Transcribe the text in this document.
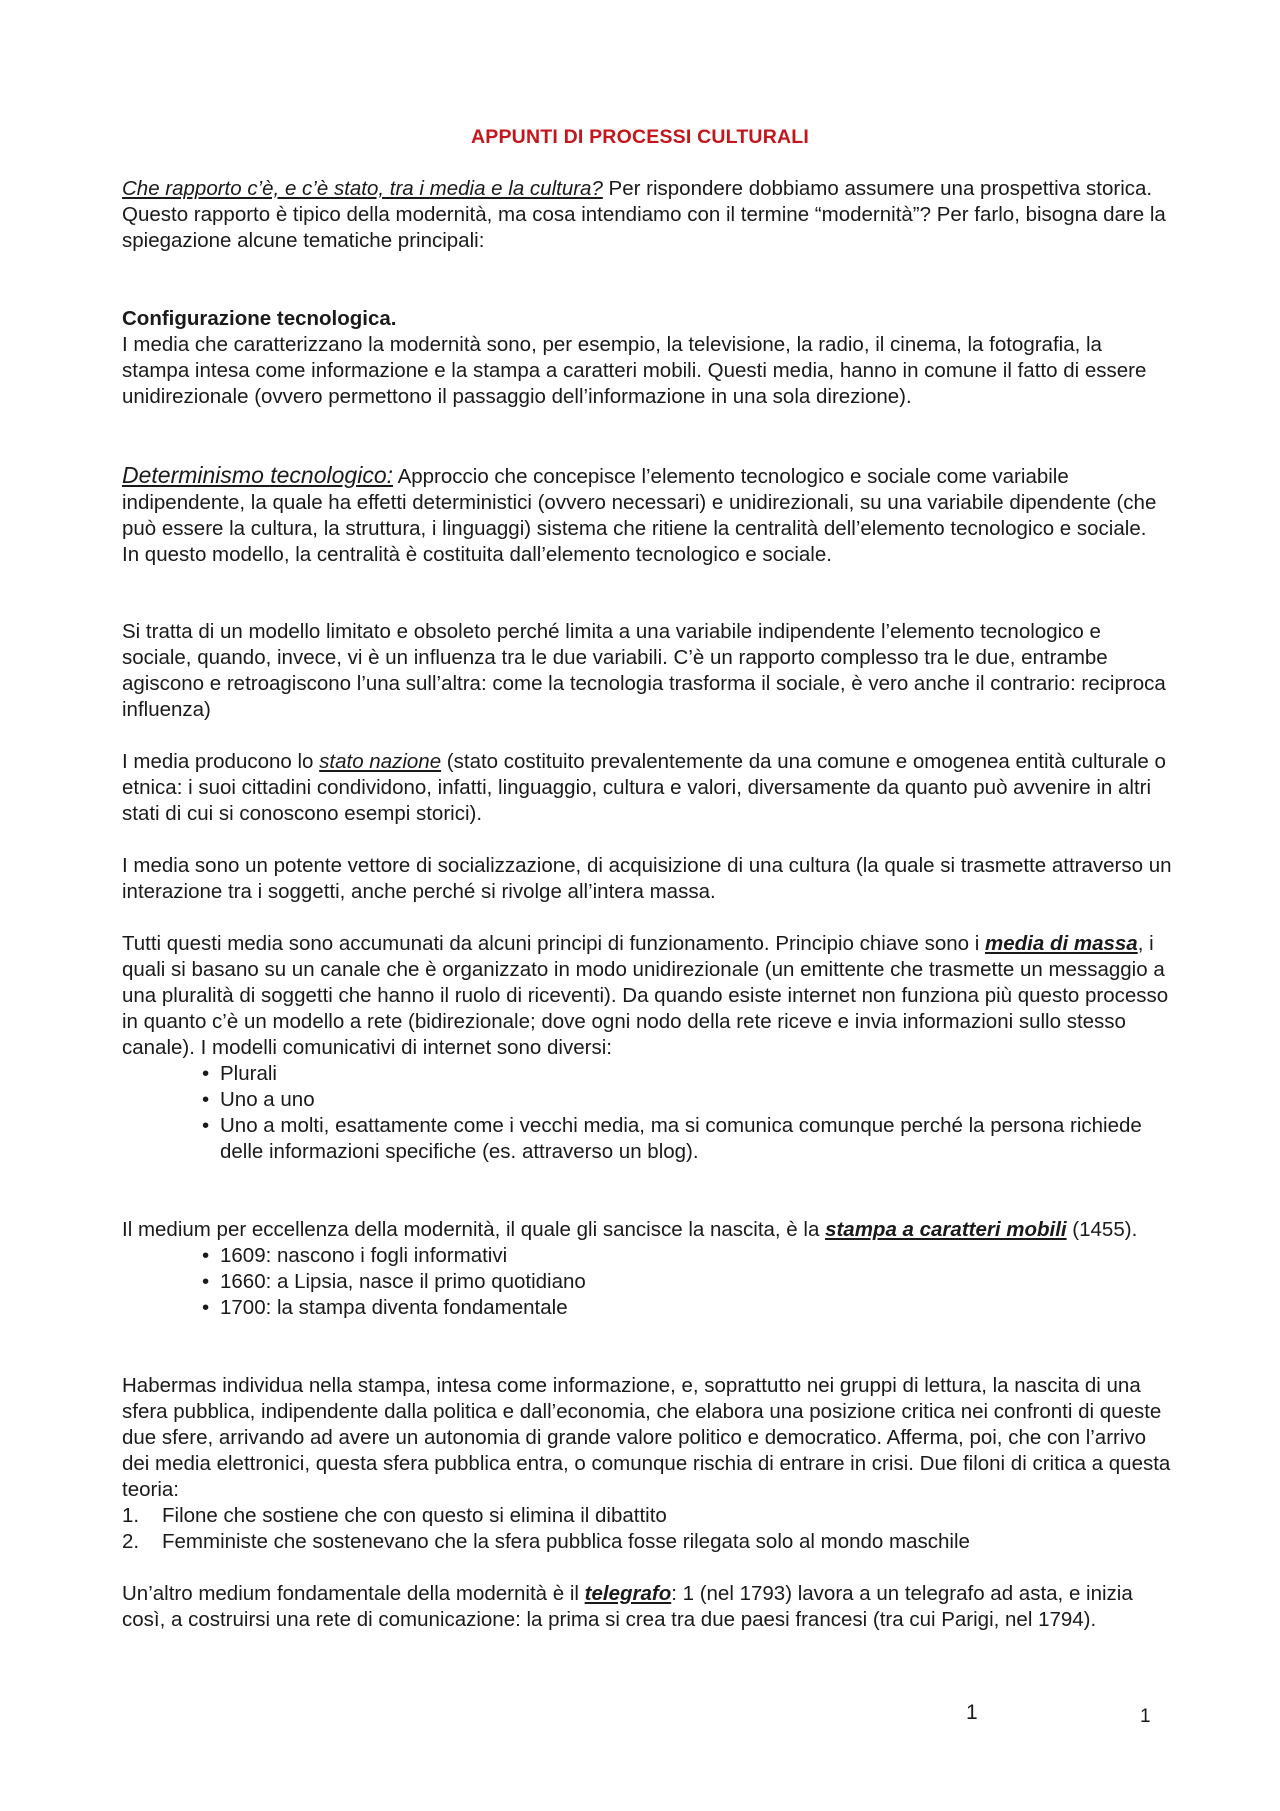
APPUNTI DI PROCESSI CULTURALI

Che rapporto c’è, e c’è stato, tra i media e la cultura? Per rispondere dobbiamo assumere una prospettiva storica.

Questo rapporto è tipico della modernità, ma cosa intendiamo con il termine “modernità”? Per farlo, bisogna dare la spiegazione alcune tematiche principali:

Configurazione tecnologica.

I media che caratterizzano la modernità sono, per esempio, la televisione, la radio, il cinema, la fotografia, la stampa intesa come informazione e la stampa a caratteri mobili. Questi media, hanno in comune il fatto di essere unidirezionale (ovvero permettono il passaggio dell’informazione in una sola direzione).

Determinismo tecnologico: Approccio che concepisce l’elemento tecnologico e sociale come variabile indipendente, la quale ha effetti deterministici (ovvero necessari) e unidirezionali, su una variabile dipendente (che può essere la cultura, la struttura, i linguaggi) sistema che ritiene la centralità dell’elemento tecnologico e sociale.

In questo modello, la centralità è costituita dall’elemento tecnologico e sociale.

Si tratta di un modello limitato e obsoleto perché limita a una variabile indipendente l’elemento tecnologico e sociale, quando, invece, vi è un influenza tra le due variabili. C’è un rapporto complesso tra le due, entrambe agiscono e retroagiscono l’una sull’altra: come la tecnologia trasforma il sociale, è vero anche il contrario: reciproca influenza)

I media producono lo stato nazione (stato costituito prevalentemente da una comune e omogenea entità culturale o etnica: i suoi cittadini condividono, infatti, linguaggio, cultura e valori, diversamente da quanto può avvenire in altri stati di cui si conoscono esempi storici).

I media sono un potente vettore di socializzazione, di acquisizione di una cultura (la quale si trasmette attraverso un interazione tra i soggetti, anche perché si rivolge all’intera massa.

Tutti questi media sono accumunati da alcuni principi di funzionamento. Principio chiave sono i media di massa, i quali si basano su un canale che è organizzato in modo unidirezionale (un emittente che trasmette un messaggio a una pluralità di soggetti che hanno il ruolo di riceventi). Da quando esiste internet non funziona più questo processo in quanto c’è un modello a rete (bidirezionale; dove ogni nodo della rete riceve e invia informazioni sullo stesso canale). I modelli comunicativi di internet sono diversi:

• Plurali
• Uno a uno
• Uno a molti, esattamente come i vecchi media, ma si comunica comunque perché la persona richiede delle informazioni specifiche (es. attraverso un blog).

Il medium per eccellenza della modernità, il quale gli sancisce la nascita, è la stampa a caratteri mobili (1455).

• 1609: nascono i fogli informativi
• 1660: a Lipsia, nasce il primo quotidiano
• 1700: la stampa diventa fondamentale

Habermas individua nella stampa, intesa come informazione, e, soprattutto nei gruppi di lettura, la nascita di una sfera pubblica, indipendente dalla politica e dall’economia, che elabora una posizione critica nei confronti di queste due sfere, arrivando ad avere un autonomia di grande valore politico e democratico. Afferma, poi, che con l’arrivo dei media elettronici, questa sfera pubblica entra, o comunque rischia di entrare in crisi. Due filoni di critica a questa teoria:

1. Filone che sostiene che con questo si elimina il dibattito
2. Femministe che sostenevano che la sfera pubblica fosse rilegata solo al mondo maschile

Un’altro medium fondamentale della modernità è il telegrafo: 1 (nel 1793) lavora a un telegrafo ad asta, e inizia così, a costruirsi una rete di comunicazione: la prima si crea tra due paesi francesi (tra cui Parigi, nel 1794).

1	1
